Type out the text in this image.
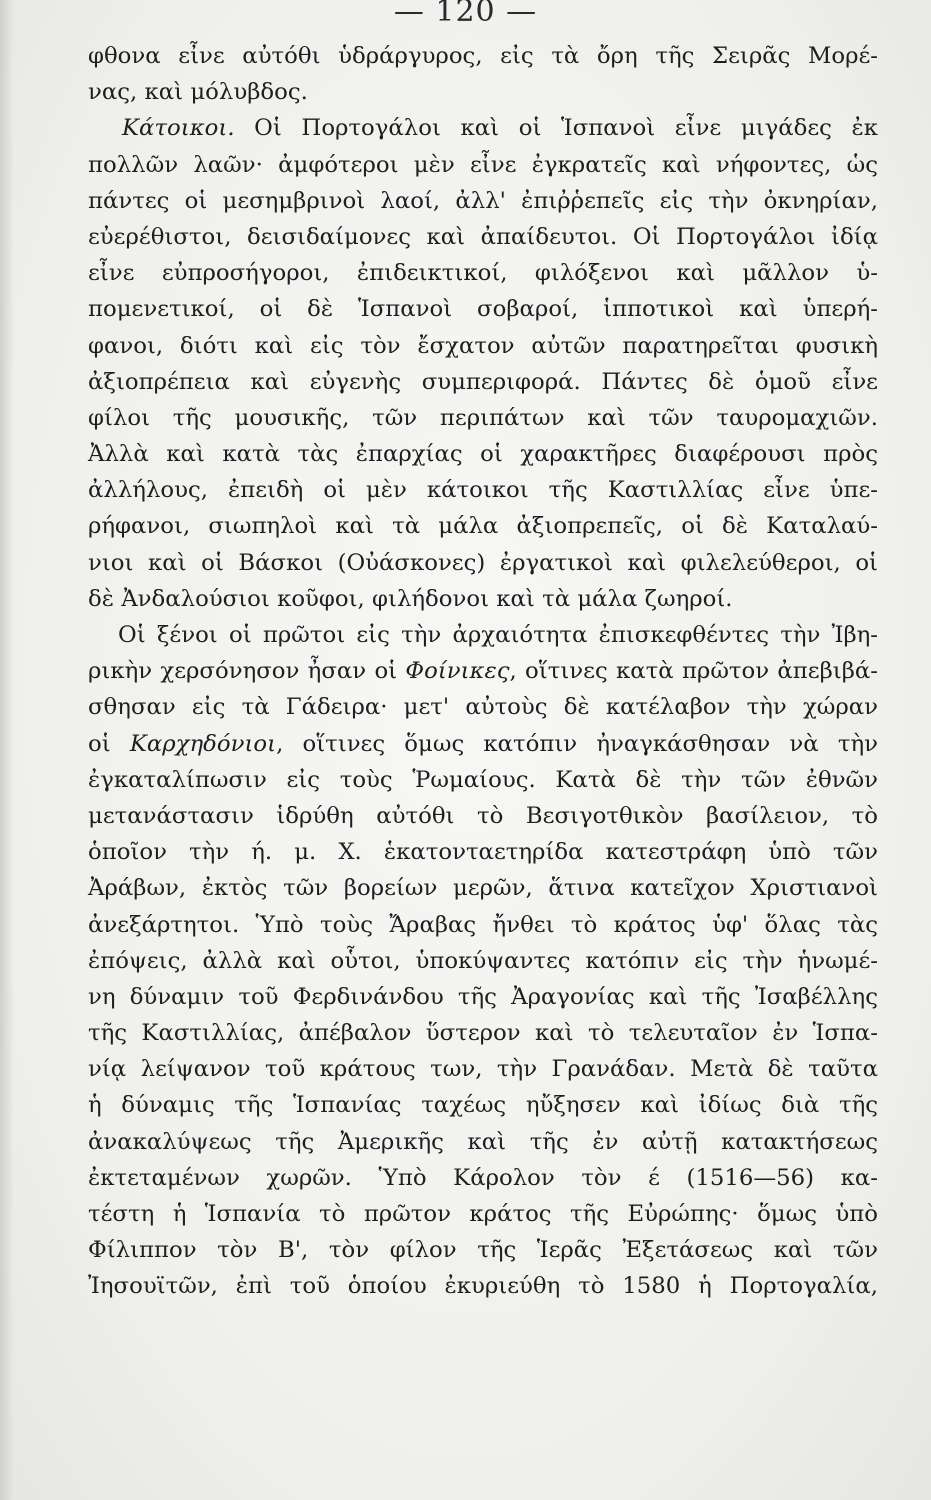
— 120 —
φθονα εἶνε αὐτόθι ὑδράργυρος, εἰς τὰ ὄρη τῆς Σειρᾶς Μορέ-
νας, καὶ μόλυβδος.
Κάτοικοι. Οἱ Πορτογάλοι καὶ οἱ Ἱσπανοὶ εἶνε μιγάδες ἐκ
πολλῶν λαῶν· ἀμφότεροι μὲν εἶνε ἐγκρατεῖς καὶ νήφοντες, ὡς
πάντες οἱ μεσημβρινοὶ λαοί, ἀλλ' ἐπιῤῥεπεῖς εἰς τὴν ὀκνηρίαν,
εὐερέθιστοι, δεισιδαίμονες καὶ ἀπαίδευτοι. Οἱ Πορτογάλοι ἰδίᾳ
εἶνε εὐπροσήγοροι, ἐπιδεικτικοί, φιλόξενοι καὶ μᾶλλον ὑ-
πομενετικοί, οἱ δὲ Ἱσπανοὶ σοβαροί, ἱπποτικοὶ καὶ ὑπερή-
φανοι, διότι καὶ εἰς τὸν ἔσχατον αὐτῶν παρατηρεῖται φυσικὴ
ἀξιοπρέπεια καὶ εὐγενὴς συμπεριφορά. Πάντες δὲ ὁμοῦ εἶνε
φίλοι τῆς μουσικῆς, τῶν περιπάτων καὶ τῶν ταυρομαχιῶν.
Ἀλλὰ καὶ κατὰ τὰς ἐπαρχίας οἱ χαρακτῆρες διαφέρουσι πρὸς
ἀλλήλους, ἐπειδὴ οἱ μὲν κάτοικοι τῆς Καστιλλίας εἶνε ὑπε-
ρήφανοι, σιωπηλοὶ καὶ τὰ μάλα ἀξιοπρεπεῖς, οἱ δὲ Καταλαύ-
νιοι καὶ οἱ Βάσκοι (Οὐάσκονες) ἐργατικοὶ καὶ φιλελεύθεροι, οἱ
δὲ Ἀνδαλούσιοι κοῦφοι, φιλήδονοι καὶ τὰ μάλα ζωηροί.
Οἱ ξένοι οἱ πρῶτοι εἰς τὴν ἀρχαιότητα ἐπισκεφθέντες τὴν Ἰβη-
ρικὴν χερσόνησον ἦσαν οἱ Φοίνικες, οἵτινες κατὰ πρῶτον ἀπεβιβά-
σθησαν εἰς τὰ Γάδειρα· μετ' αὐτοὺς δὲ κατέλαβον τὴν χώραν
οἱ Καρχηδόνιοι, οἵτινες ὅμως κατόπιν ἠναγκάσθησαν νὰ τὴν
ἐγκαταλίπωσιν εἰς τοὺς Ῥωμαίους. Κατὰ δὲ τὴν τῶν ἐθνῶν
μετανάστασιν ἱδρύθη αὐτόθι τὸ Βεσιγοτθικὸν βασίλειον, τὸ
ὁποῖον τὴν ή. μ. Χ. ἑκατονταετηρίδα κατεστράφη ὑπὸ τῶν
Ἀράβων, ἐκτὸς τῶν βορείων μερῶν, ἅτινα κατεῖχον Χριστιανοὶ
ἀνεξάρτητοι. Ὑπὸ τοὺς Ἄραβας ἤνθει τὸ κράτος ὑφ' ὅλας τὰς
ἐπόψεις, ἀλλὰ καὶ οὗτοι, ὑποκύψαντες κατόπιν εἰς τὴν ἡνωμέ-
νη δύναμιν τοῦ Φερδινάνδου τῆς Ἀραγονίας καὶ τῆς Ἰσαβέλλης
τῆς Καστιλλίας, ἀπέβαλον ὕστερον καὶ τὸ τελευταῖον ἐν Ἱσπα-
νίᾳ λείψανον τοῦ κράτους των, τὴν Γρανάδαν. Μετὰ δὲ ταῦτα
ἡ δύναμις τῆς Ἱσπανίας ταχέως ηὔξησεν καὶ ἰδίως διὰ τῆς
ἀνακαλύψεως τῆς Ἀμερικῆς καὶ τῆς ἐν αὐτῇ κατακτήσεως
ἐκτεταμένων χωρῶν. Ὑπὸ Κάρολον τὸν έ (1516—56) κα-
τέστη ἡ Ἱσπανία τὸ πρῶτον κράτος τῆς Εὐρώπης· ὅμως ὑπὸ
Φίλιππον τὸν Β', τὸν φίλον τῆς Ἱερᾶς Ἐξετάσεως καὶ τῶν
Ἰησουϊτῶν, ἐπὶ τοῦ ὁποίου ἐκυριεύθη τὸ 1580 ἡ Πορτογαλία,
